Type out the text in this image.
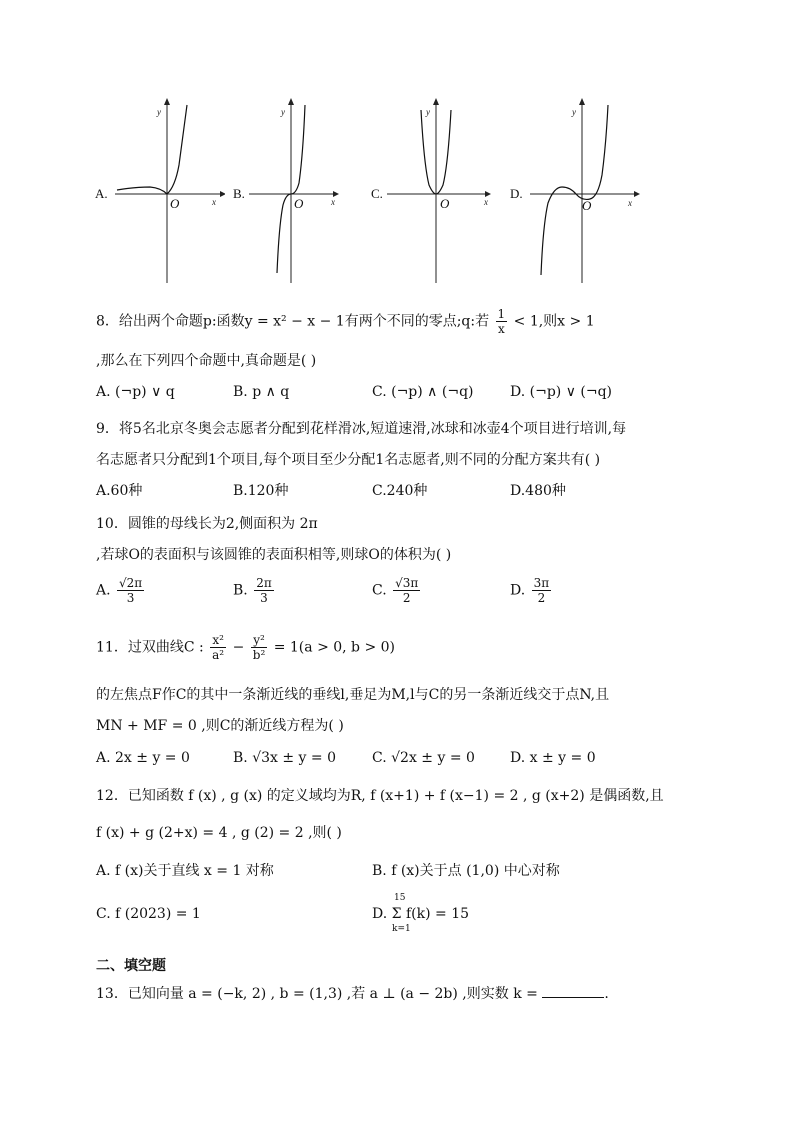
A.
y
x
O
B.
y
x
O
C.
y
x
O
D.
y
x
O
8．给出两个命题p:函数y = x² − x − 1有两个不同的零点;q:若 $\frac{1}{x} < 1$,则x > 1
,那么在下列四个命题中,真命题是( )
A. (¬p) ∨ q	B. p ∧ q	C. (¬p) ∧ (¬q)	D. (¬p) ∨ (¬q)
9．将5名北京冬奥会志愿者分配到花样滑冰,短道速滑,冰球和冰壶4个项目进行培训,每
名志愿者只分配到1个项目,每个项目至少分配1名志愿者,则不同的分配方案共有( )
A.60种	B.120种	C.240种	D.480种
10．圆锥的母线长为2,侧面积为 2π
,若球O的表面积与该圆锥的表面积相等,则球O的体积为( )
A. $\frac{√2\pi}{3}$	B. $\frac{2\pi}{3}$	C. $\frac{√3\pi}{2}$	D. $\frac{3\pi}{2}$
11．过双曲线C : $\frac{\text{x²}}{\text{a²}} - \frac{\text{y²}}{\text{b²}} = 1(a > 0$, b > 0)
的左焦点F作C的其中一条渐近线的垂线l,垂足为M,l与C的另一条渐近线交于点N,且
MN + MF = 0 ,则C的渐近线方程为( )
A. 2x ± y = 0	B. √3x ± y = 0	C. √2x ± y = 0	D. x ± y = 0
12．已知函数 f (x) , g (x) 的定义域均为R, f (x+1) + f (x−1) = 2 , g (x+2) 是偶函数,且
f (x) + g (2+x) = 4 , g (2) = 2 ,则( )
A. f (x)关于直线 x = 1 对称	B. f (x)关于点 (1,0) 中心对称
C. f (2023) = 1	D. Σ f(k) = 15
15
k=1
二、填空题
13．已知向量 a = (−k, 2) , b = (1,3) ,若 a ⊥ (a − 2b) ,则实数 k =	.
